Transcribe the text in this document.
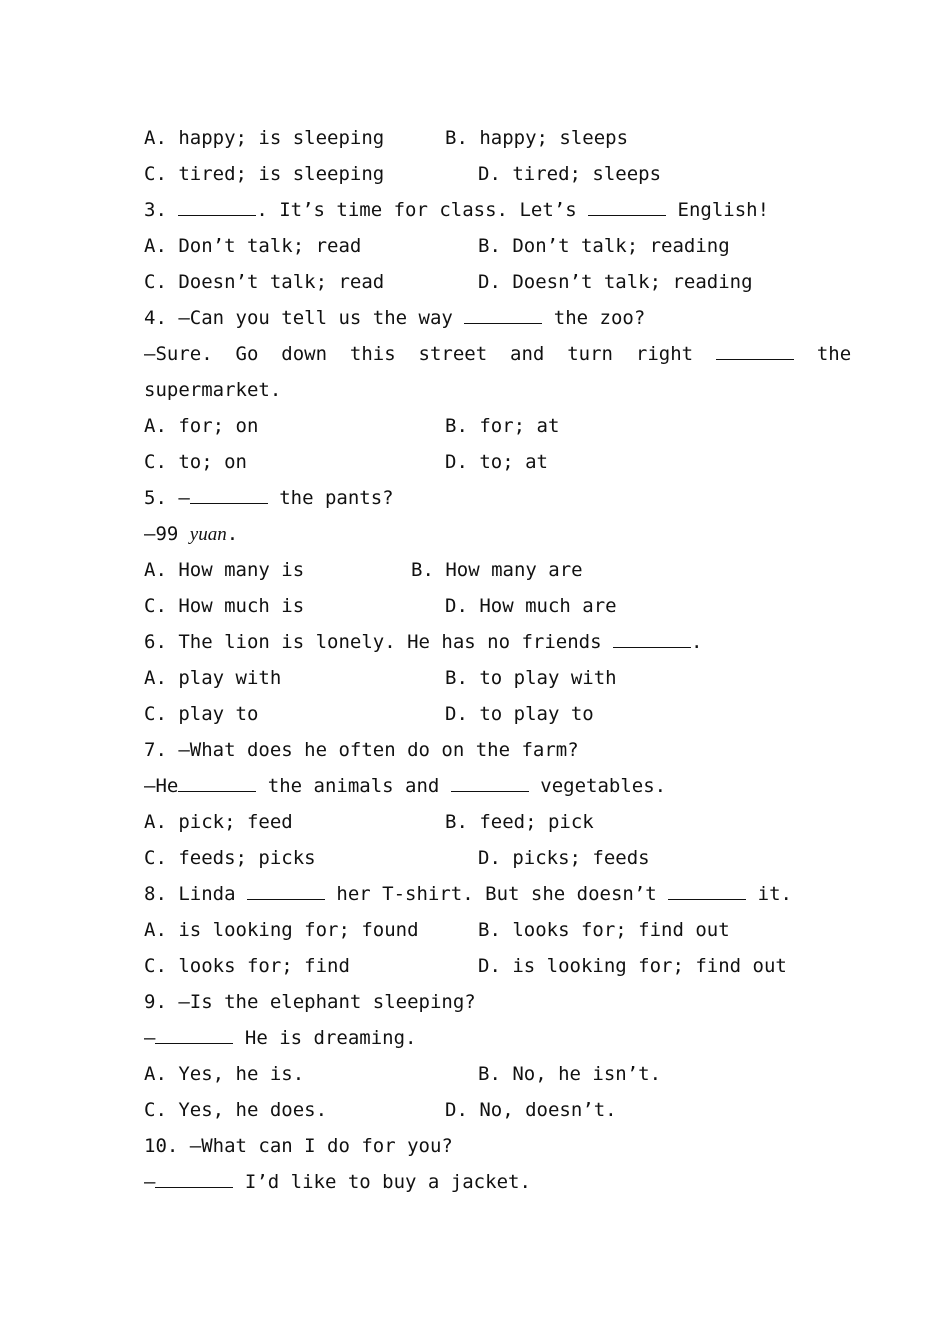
A. happy; is sleeping	B. happy; sleeps
C. tired; is sleeping	D. tired; sleeps
3.	. It’s time for class. Let’s	English!
A. Don’t talk; read	B. Don’t talk; reading
C. Doesn’t talk; read	D. Doesn’t talk; reading
4. —Can you tell us the way	the zoo?
—Sure.  Go  down  this  street  and  turn  right	the
supermarket.
A. for; on	B. for; at
C. to; on	D. to; at
5. —	the pants?
—99 yuan.
A. How many is	B. How many are
C. How much is	D. How much are
6. The lion is lonely. He has no friends	.
A. play with	B. to play with
C. play to	D. to play to
7. —What does he often do on the farm?
—He	the animals and	vegetables.
A. pick; feed	B. feed; pick
C. feeds; picks	D. picks; feeds
8. Linda	her T-shirt. But she doesn’t	it.
A. is looking for; found	B. looks for; find out
C. looks for; find	D. is looking for; find out
9. —Is the elephant sleeping?
—	He is dreaming.
A. Yes, he is.	B. No, he isn’t.
C. Yes, he does.	D. No, doesn’t.
10. —What can I do for you?
—	I’d like to buy a jacket.
